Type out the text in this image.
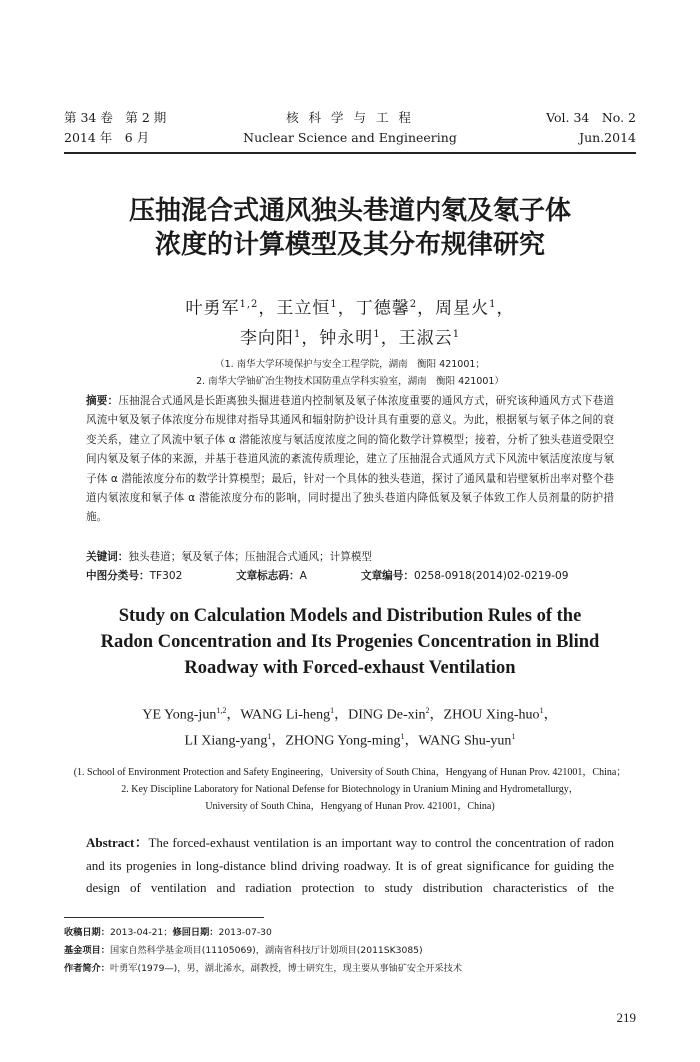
第 34 卷　第 2 期
2014 年　6 月
核 科 学 与 工 程
Nuclear Science and Engineering
Vol. 34　No. 2
Jun.2014
压抽混合式通风独头巷道内氡及氡子体
浓度的计算模型及其分布规律研究
叶勇军$^{1,2}$，王立恒$^1$，丁德馨$^2$，周星火$^1$，
李向阳$^1$，钟永明$^1$，王淑云$^1$
（1. 南华大学环境保护与安全工程学院，湖南　衡阳 421001；
2. 南华大学铀矿冶生物技术国防重点学科实验室，湖南　衡阳 421001）
摘要：压抽混合式通风是长距离独头掘进巷道内控制氡及氡子体浓度重要的通风方式，研究该种通风方式下巷道风流中氡及氡子体浓度分布规律对指导其通风和辐射防护设计具有重要的意义。为此，根据氡与氡子体之间的衰变关系，建立了风流中氡子体 α 潜能浓度与氡活度浓度之间的简化数学计算模型；接着，分析了独头巷道受限空间内氡及氡子体的来源，并基于巷道风流的紊流传质理论，建立了压抽混合式通风方式下风流中氡活度浓度与氡子体 α 潜能浓度分布的数学计算模型；最后，针对一个具体的独头巷道，探讨了通风量和岩壁氡析出率对整个巷道内氡浓度和氡子体 α 潜能浓度分布的影响，同时提出了独头巷道内降低氡及氡子体致工作人员剂量的防护措施。
关键词：独头巷道；氡及氡子体；压抽混合式通风；计算模型
中图分类号：TF302	文章标志码：A	文章编号：0258-0918(2014)02-0219-09
Study on Calculation Models and Distribution Rules of the
Radon Concentration and Its Progenies Concentration in Blind
Roadway with Forced-exhaust Ventilation
YE Yong-jun$^{1,2}$，WANG Li-heng$^1$，DING De-xin$^2$，ZHOU Xing-huo$^1$，
LI Xiang-yang$^1$，ZHONG Yong-ming$^1$，WANG Shu-yun$^1$
(1. School of Environment Protection and Safety Engineering，University of South China，Hengyang of Hunan Prov. 421001，China；
2. Key Discipline Laboratory for National Defense for Biotechnology in Uranium Mining and Hydrometallurgy，
University of South China，Hengyang of Hunan Prov. 421001，China)
Abstract：The forced-exhaust ventilation is an important way to control the concentration of radon and its progenies in long-distance blind driving roadway. It is of great significance for guiding the design of ventilation and radiation protection to study distribution characteristics of the
收稿日期：2013-04-21；修回日期：2013-07-30
基金项目：国家自然科学基金项目(11105069)，湖南省科技厅计划项目(2011SK3085)
作者简介：叶勇军(1979—)，男，湖北浠水，副教授，博士研究生，现主要从事铀矿安全开采技术
219
